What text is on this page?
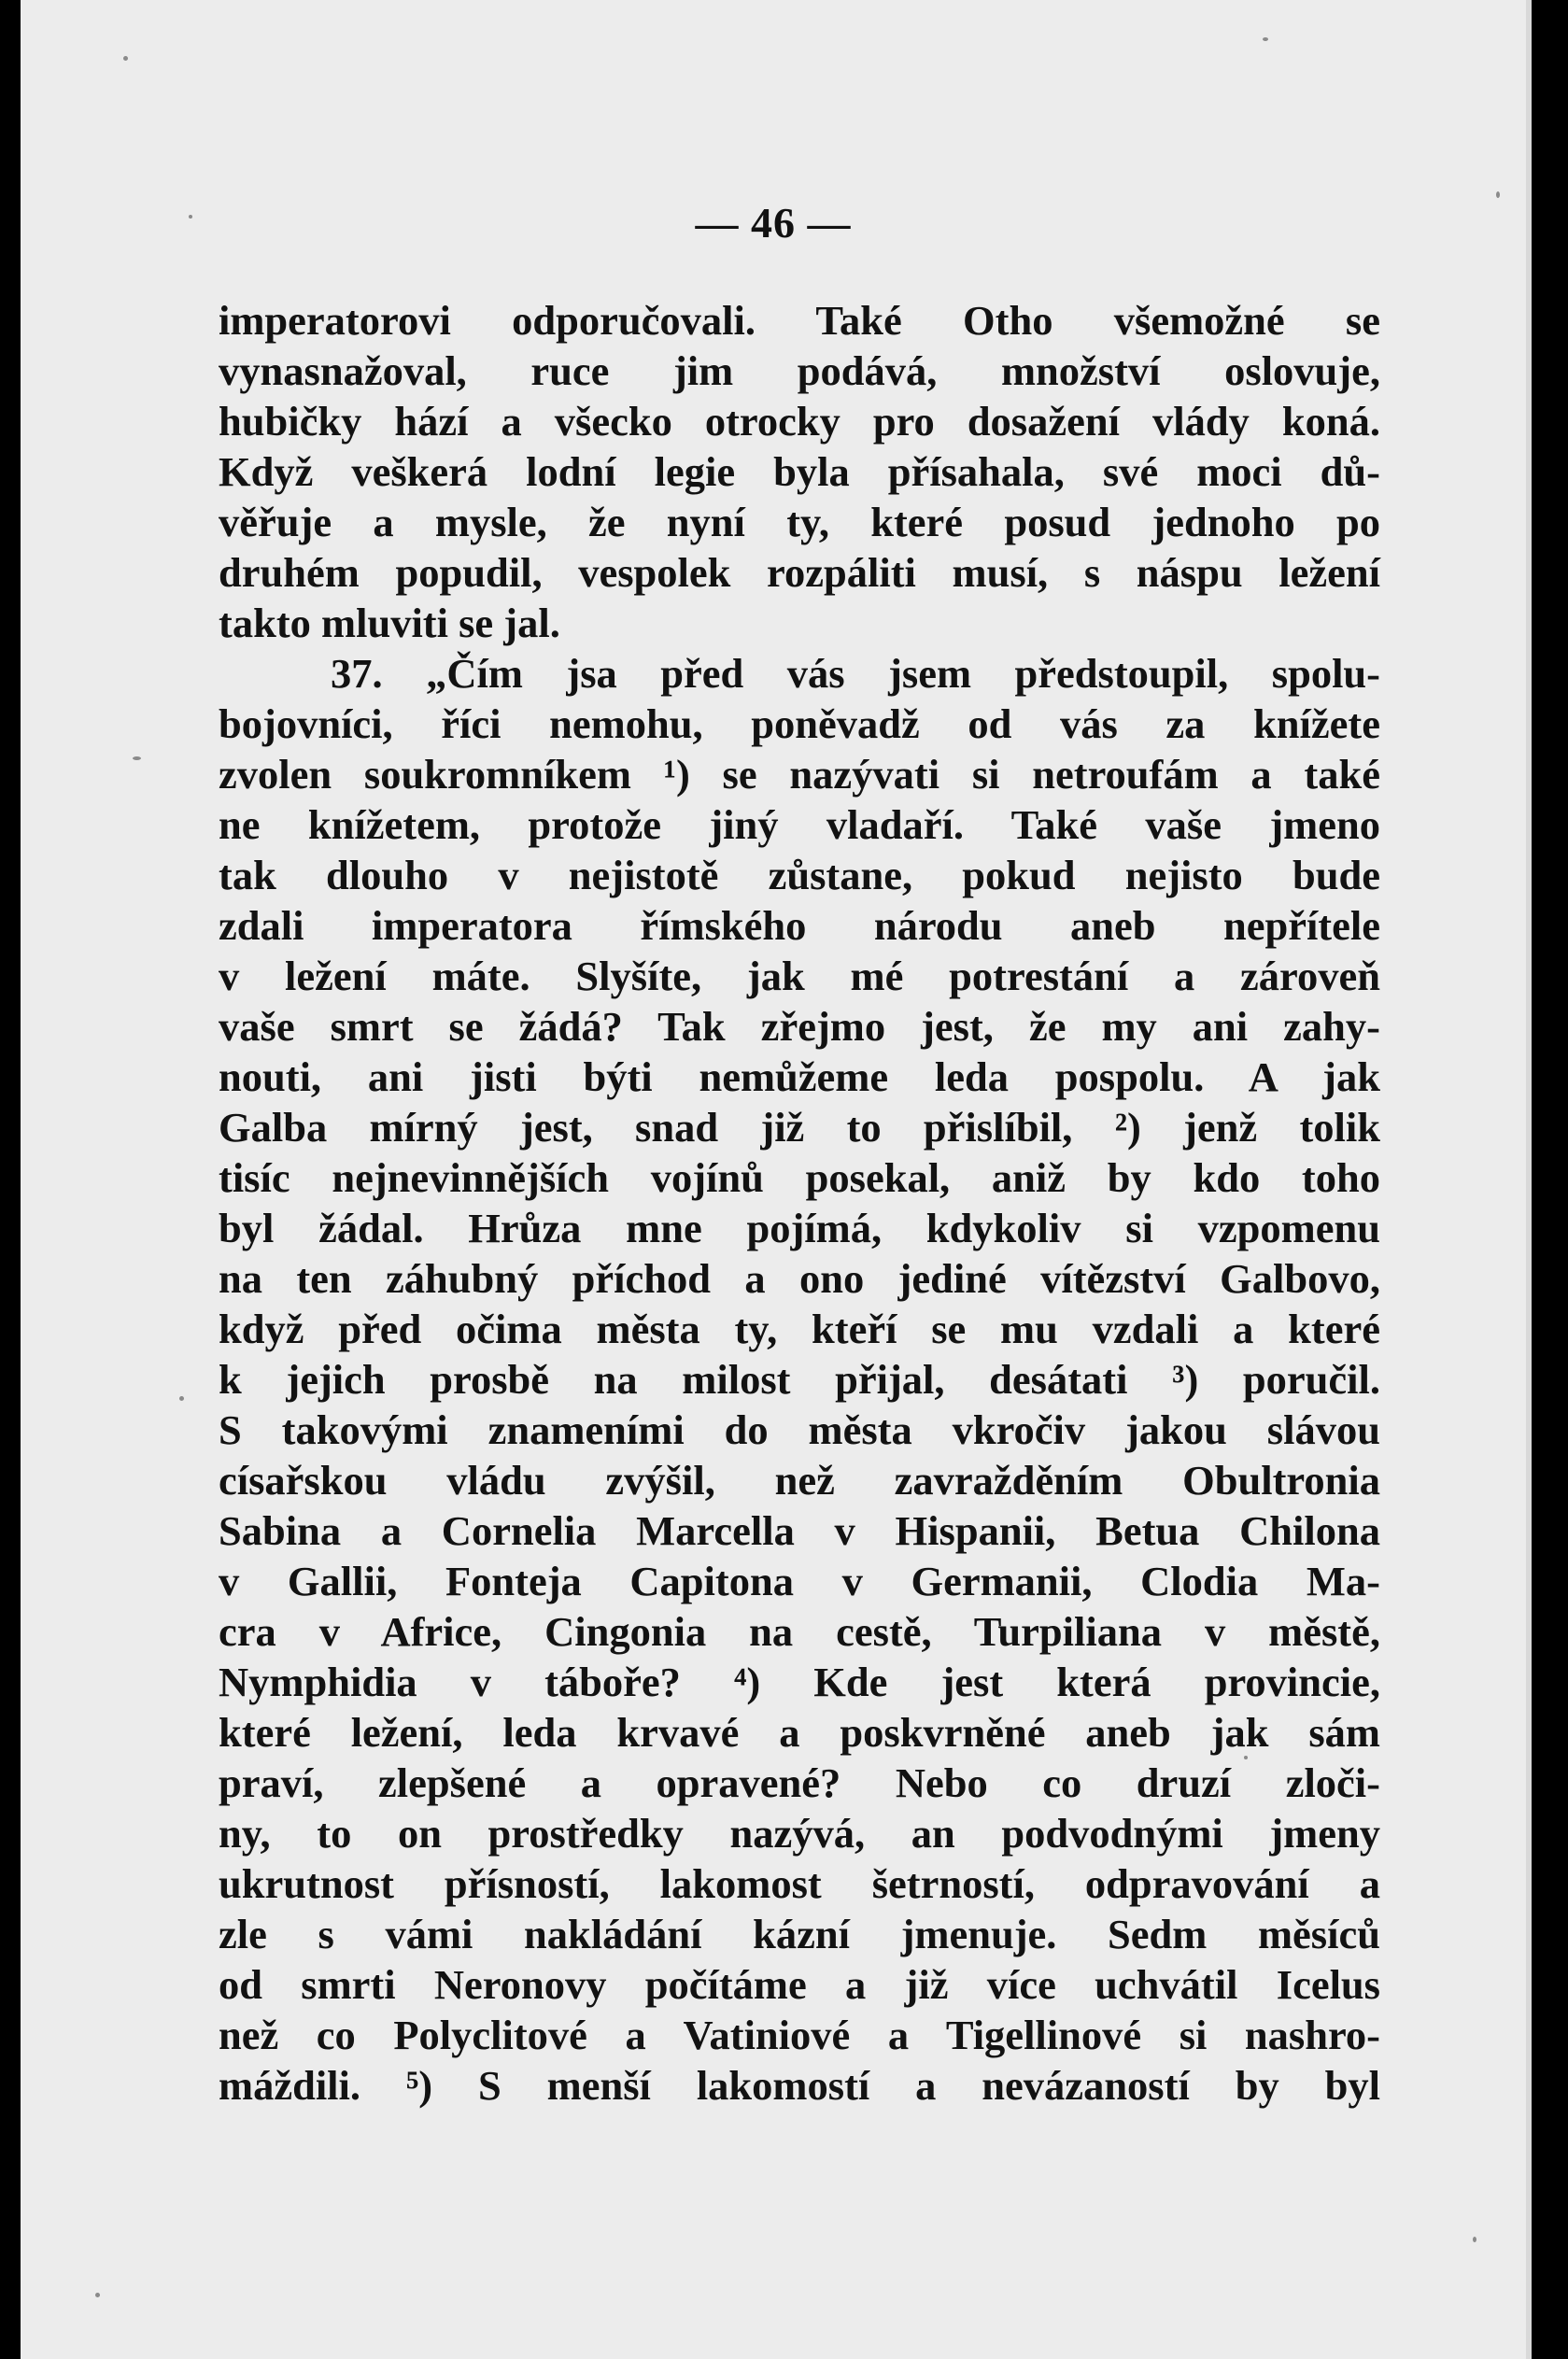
— 46 —
imperatorovi odporučovali. Také Otho všemožné se
vynasnažoval, ruce jim podává, množství oslovuje,
hubičky hází a všecko otrocky pro dosažení vlády koná.
Když veškerá lodní legie byla přísahala, své moci dů-
věřuje a mysle, že nyní ty, které posud jednoho po
druhém popudil, vespolek rozpáliti musí, s náspu ležení
takto mluviti se jal.
37. „Čím jsa před vás jsem předstoupil, spolu-
bojovníci, říci nemohu, poněvadž od vás za knížete
zvolen soukromníkem ¹) se nazývati si netroufám a také
ne knížetem, protože jiný vladaří. Také vaše jmeno
tak dlouho v nejistotě zůstane, pokud nejisto bude
zdali imperatora římského národu aneb nepřítele
v ležení máte. Slyšíte, jak mé potrestání a zároveň
vaše smrt se žádá? Tak zřejmo jest, že my ani zahy-
nouti, ani jisti býti nemůžeme leda pospolu. A jak
Galba mírný jest, snad již to přislíbil, ²) jenž tolik
tisíc nejnevinnějších vojínů posekal, aniž by kdo toho
byl žádal. Hrůza mne pojímá, kdykoliv si vzpomenu
na ten záhubný příchod a ono jediné vítězství Galbovo,
když před očima města ty, kteří se mu vzdali a které
k jejich prosbě na milost přijal, desátati ³) poručil.
S takovými znameními do města vkročiv jakou slávou
císařskou vládu zvýšil, než zavražděním Obultronia
Sabina a Cornelia Marcella v Hispanii, Betua Chilona
v Gallii, Fonteja Capitona v Germanii, Clodia Ma-
cra v Africe, Cingonia na cestě, Turpiliana v městě,
Nymphidia v táboře? ⁴) Kde jest která provincie,
které ležení, leda krvavé a poskvrněné aneb jak sám
praví, zlepšené a opravené? Nebo co druzí zloči-
ny, to on prostředky nazývá, an podvodnými jmeny
ukrutnost přísností, lakomost šetrností, odpravování a
zle s vámi nakládání kázní jmenuje. Sedm měsíců
od smrti Neronovy počítáme a již více uchvátil Icelus
než co Polyclitové a Vatiniové a Tigellinové si nashro-
máždili. ⁵) S menší lakomostí a nevázaností by byl
